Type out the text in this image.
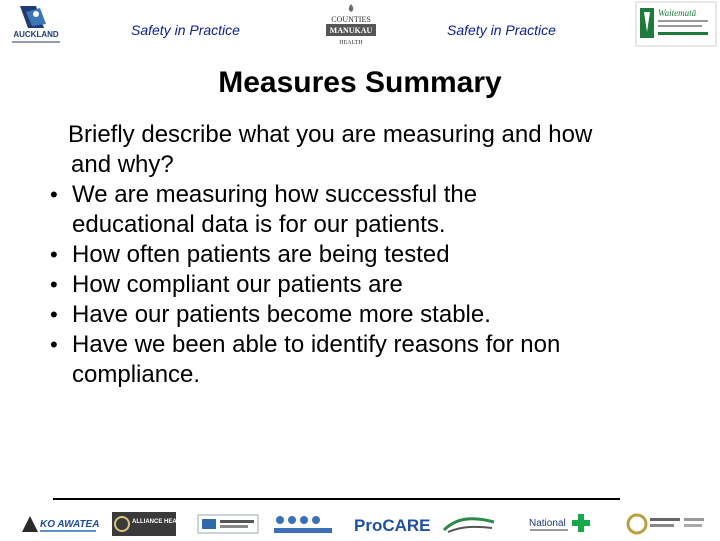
AUCKLAND	Safety in Practice
COUNTIES
MANUKAU
HEALTH
Safety in Practice
Waitematā
Measures Summary
Briefly describe what you are measuring and how
and why?
• We are measuring how successful the
educational data is for our patients.
• How often patients are being tested
• How compliant our patients are
• Have our patients become more stable.
• Have we been able to identify reasons for non
compliance.
KO AWATEA	ALLIANCE HEALTH+	ProCARE	National
